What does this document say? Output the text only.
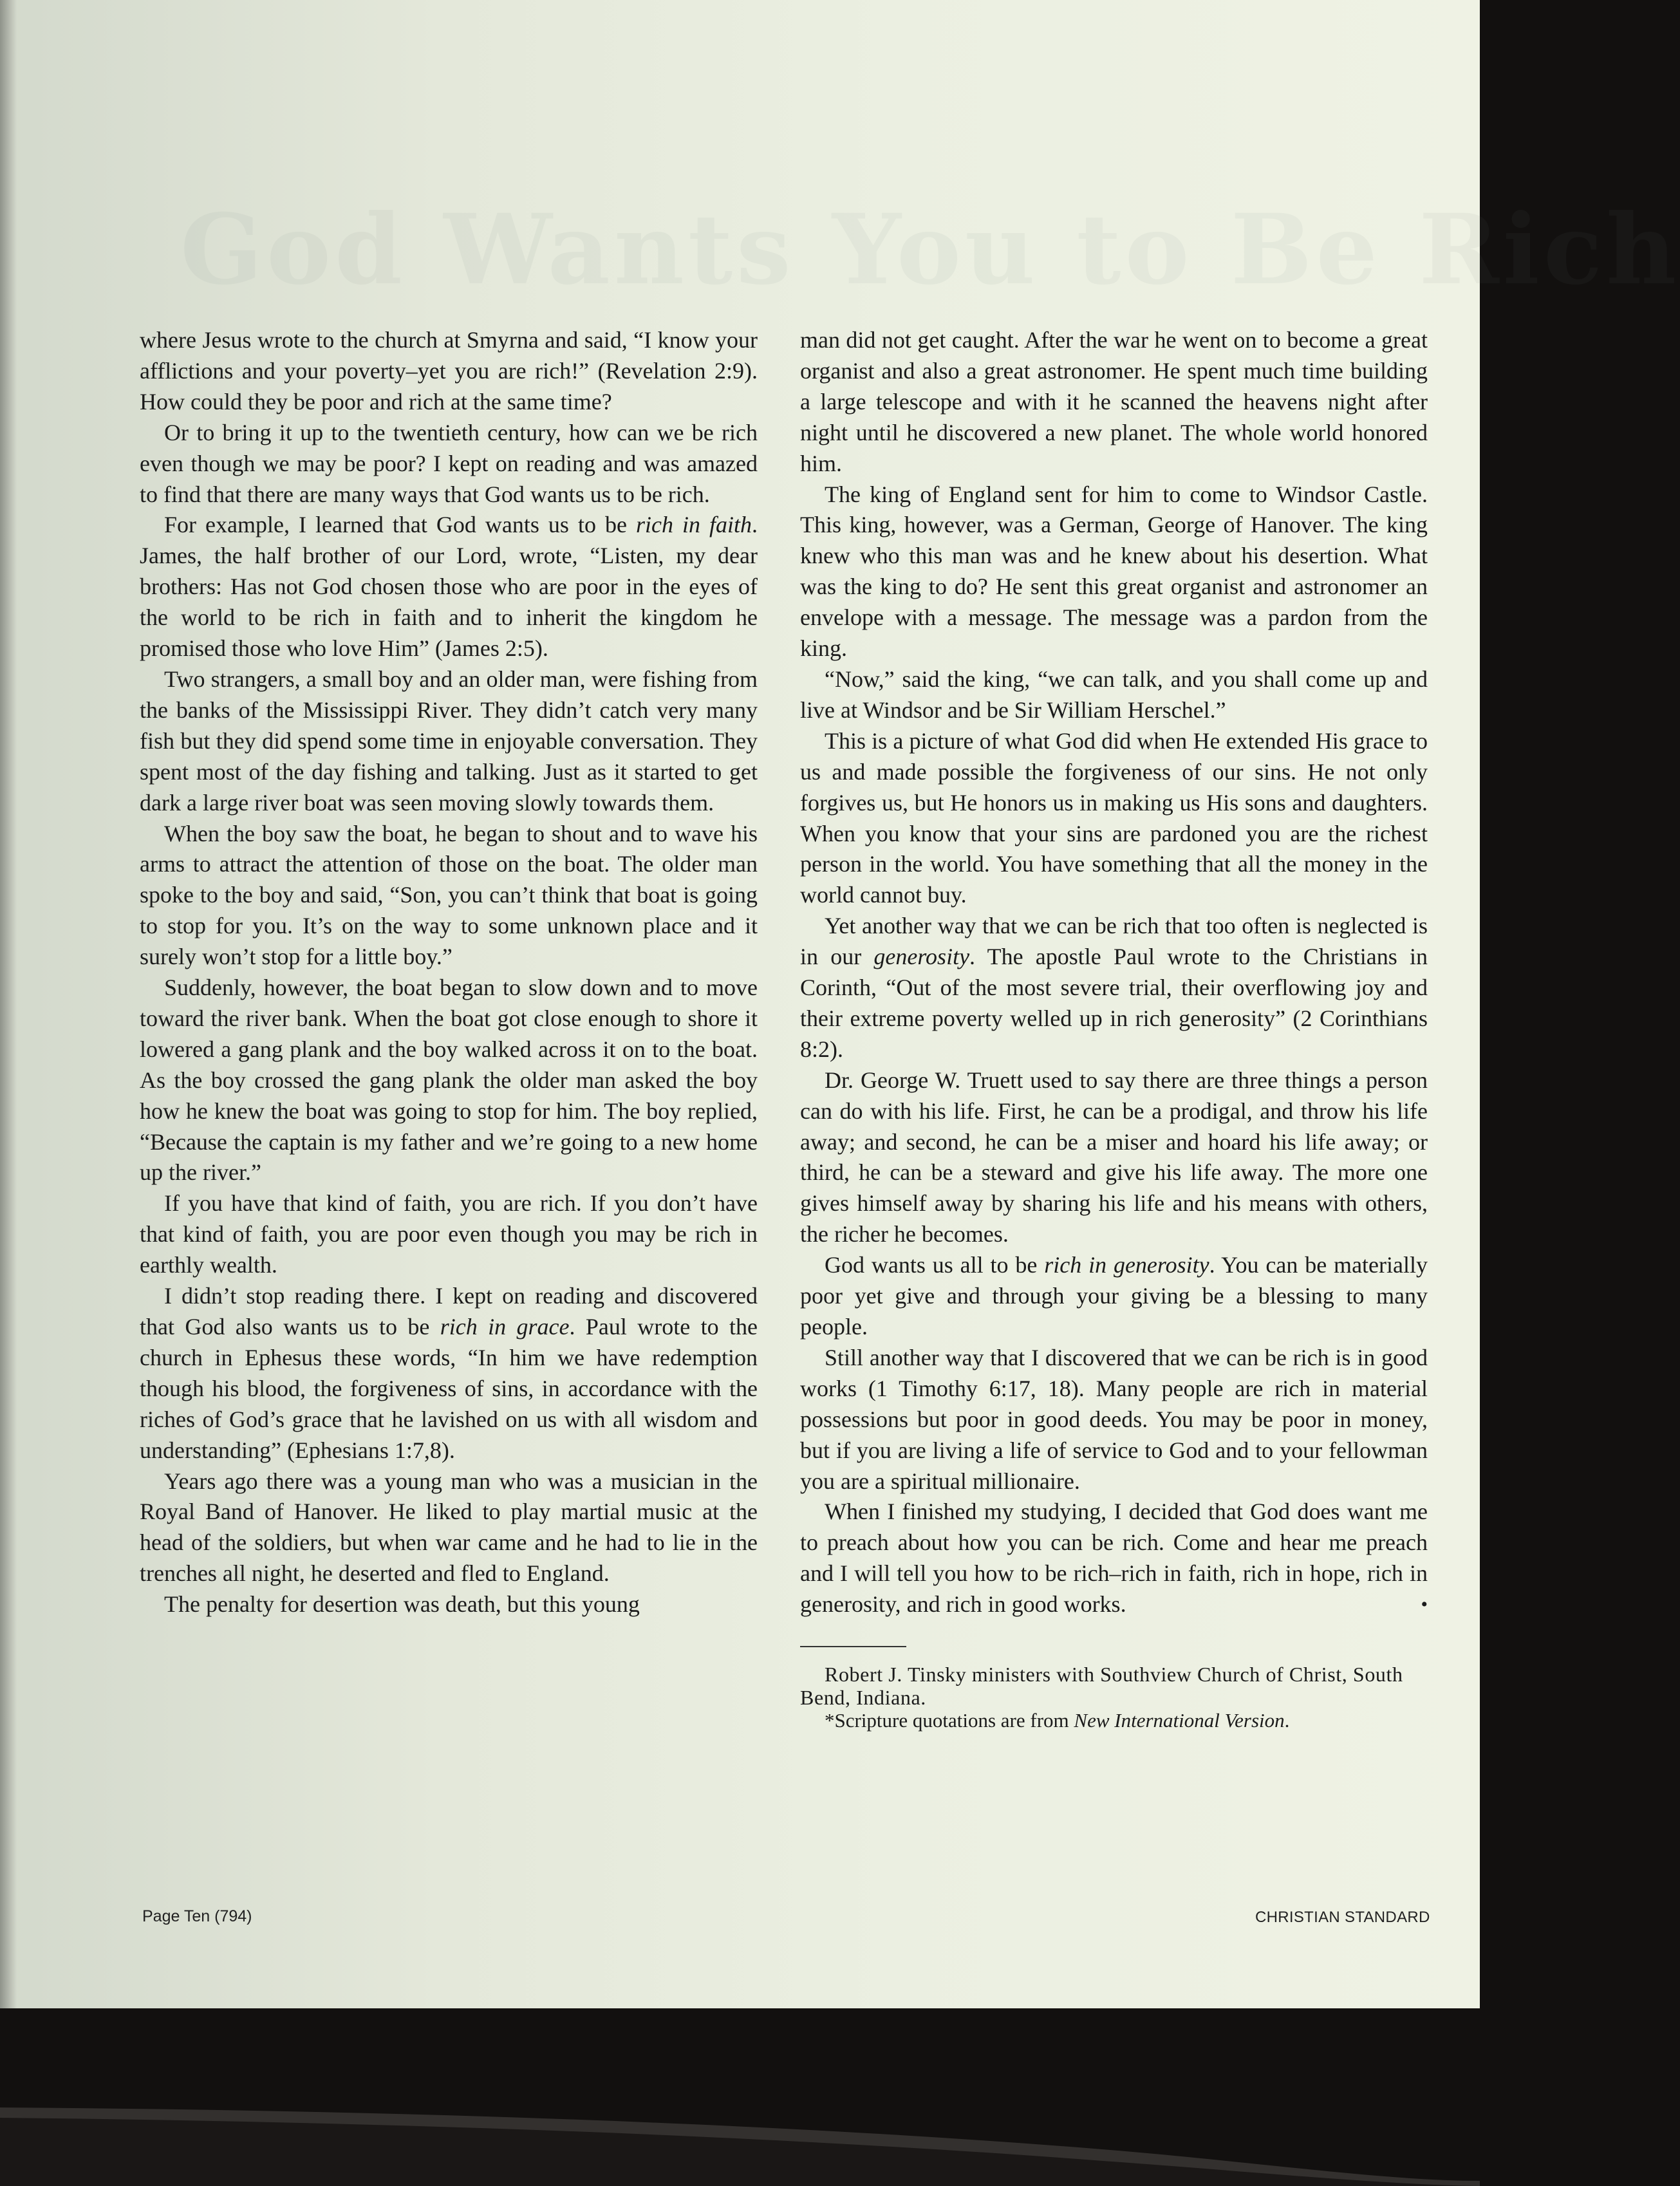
God Wants You to Be Rich

where Jesus wrote to the church at Smyrna and said, “I know your afflictions and your poverty–yet you are rich!” (Revelation 2:9). How could they be poor and rich at the same time?

Or to bring it up to the twentieth century, how can we be rich even though we may be poor? I kept on reading and was amazed to find that there are many ways that God wants us to be rich.

For example, I learned that God wants us to be rich in faith. James, the half brother of our Lord, wrote, “Listen, my dear brothers: Has not God chosen those who are poor in the eyes of the world to be rich in faith and to inherit the kingdom he promised those who love Him” (James 2:5).

Two strangers, a small boy and an older man, were fishing from the banks of the Mississippi River. They didn’t catch very many fish but they did spend some time in enjoyable conversation. They spent most of the day fishing and talking. Just as it started to get dark a large river boat was seen moving slowly towards them.

When the boy saw the boat, he began to shout and to wave his arms to attract the attention of those on the boat. The older man spoke to the boy and said, “Son, you can’t think that boat is going to stop for you. It’s on the way to some unknown place and it surely won’t stop for a little boy.”

Suddenly, however, the boat began to slow down and to move toward the river bank. When the boat got close enough to shore it lowered a gang plank and the boy walked across it on to the boat. As the boy crossed the gang plank the older man asked the boy how he knew the boat was going to stop for him. The boy replied, “Because the captain is my father and we’re going to a new home up the river.”

If you have that kind of faith, you are rich. If you don’t have that kind of faith, you are poor even though you may be rich in earthly wealth.

I didn’t stop reading there. I kept on reading and discovered that God also wants us to be rich in grace. Paul wrote to the church in Ephesus these words, “In him we have redemption though his blood, the forgiveness of sins, in accordance with the riches of God’s grace that he lavished on us with all wisdom and understanding” (Ephesians 1:7,8).

Years ago there was a young man who was a musician in the Royal Band of Hanover. He liked to play martial music at the head of the soldiers, but when war came and he had to lie in the trenches all night, he deserted and fled to England.

The penalty for desertion was death, but this young

man did not get caught. After the war he went on to become a great organist and also a great astronomer. He spent much time building a large telescope and with it he scanned the heavens night after night until he discovered a new planet. The whole world honored him.

The king of England sent for him to come to Windsor Castle. This king, however, was a German, George of Hanover. The king knew who this man was and he knew about his desertion. What was the king to do? He sent this great organist and astronomer an envelope with a message. The message was a pardon from the king.

“Now,” said the king, “we can talk, and you shall come up and live at Windsor and be Sir William Herschel.”

This is a picture of what God did when He extended His grace to us and made possible the forgiveness of our sins. He not only forgives us, but He honors us in making us His sons and daughters. When you know that your sins are pardoned you are the richest person in the world. You have something that all the money in the world cannot buy.

Yet another way that we can be rich that too often is neglected is in our generosity. The apostle Paul wrote to the Christians in Corinth, “Out of the most severe trial, their overflowing joy and their extreme poverty welled up in rich generosity” (2 Corinthians 8:2).

Dr. George W. Truett used to say there are three things a person can do with his life. First, he can be a prodigal, and throw his life away; and second, he can be a miser and hoard his life away; or third, he can be a steward and give his life away. The more one gives himself away by sharing his life and his means with others, the richer he becomes.

God wants us all to be rich in generosity. You can be materially poor yet give and through your giving be a blessing to many people.

Still another way that I discovered that we can be rich is in good works (1 Timothy 6:17, 18). Many people are rich in material possessions but poor in good deeds. You may be poor in money, but if you are living a life of service to God and to your fellowman you are a spiritual millionaire.

When I finished my studying, I decided that God does want me to preach about how you can be rich. Come and hear me preach and I will tell you how to be rich–rich in faith, rich in hope, rich in generosity, and rich in good works.	•

Robert J. Tinsky ministers with Southview Church of Christ, South Bend, Indiana.

*Scripture quotations are from New International Version.

Page Ten (794)	CHRISTIAN STANDARD
